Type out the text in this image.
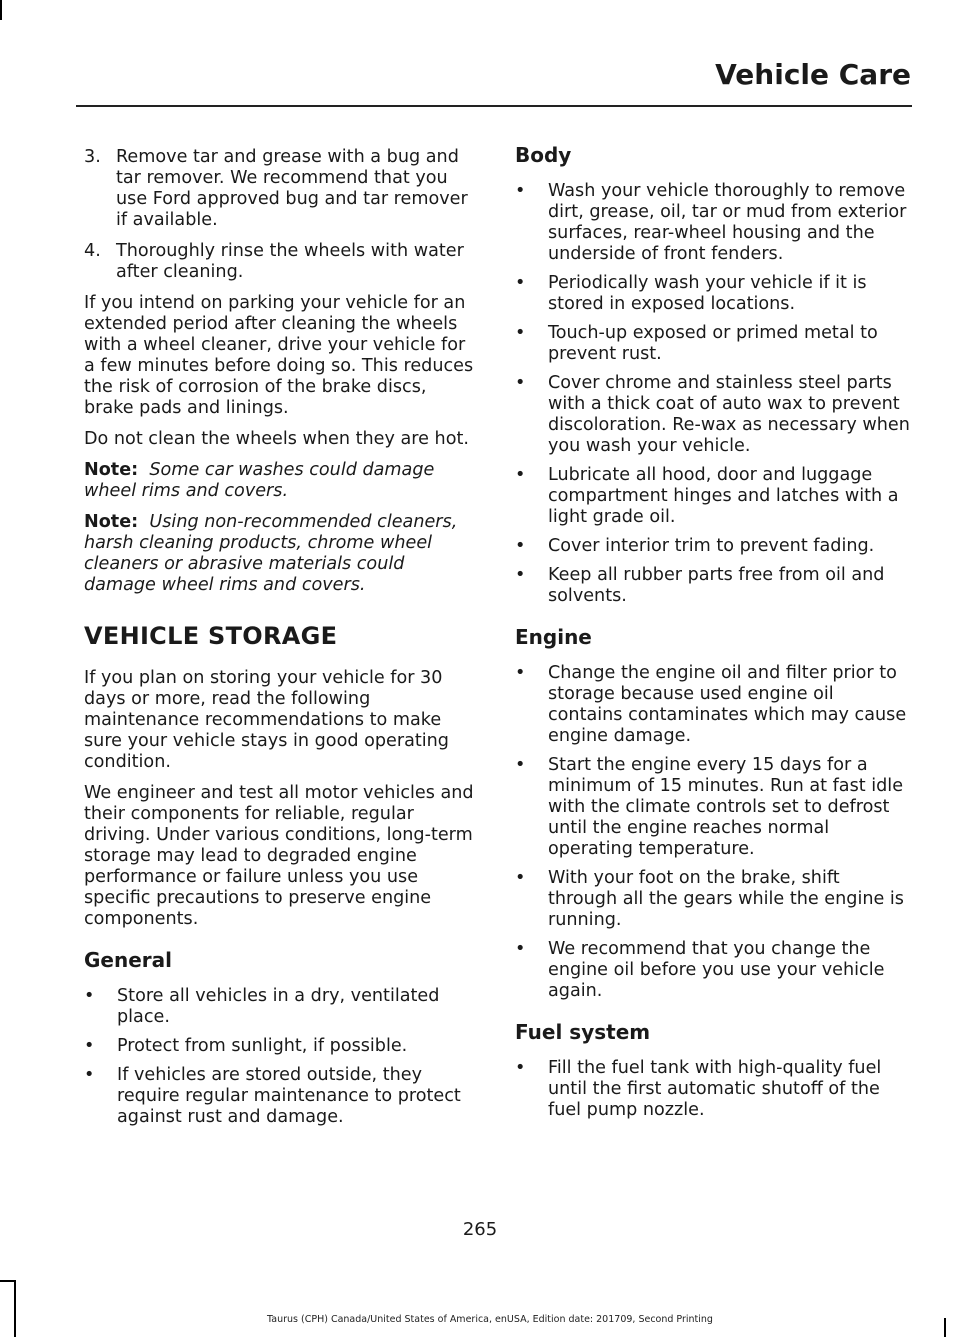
Vehicle Care
3. Remove tar and grease with a bug and tar remover. We recommend that you use Ford approved bug and tar remover if available.
4. Thoroughly rinse the wheels with water after cleaning.

If you intend on parking your vehicle for an extended period after cleaning the wheels with a wheel cleaner, drive your vehicle for a few minutes before doing so. This reduces the risk of corrosion of the brake discs, brake pads and linings.

Do not clean the wheels when they are hot.

Note: Some car washes could damage wheel rims and covers.

Note: Using non-recommended cleaners, harsh cleaning products, chrome wheel cleaners or abrasive materials could damage wheel rims and covers.

VEHICLE STORAGE

If you plan on storing your vehicle for 30 days or more, read the following maintenance recommendations to make sure your vehicle stays in good operating condition.

We engineer and test all motor vehicles and their components for reliable, regular driving. Under various conditions, long-term storage may lead to degraded engine performance or failure unless you use specific precautions to preserve engine components.

General
• Store all vehicles in a dry, ventilated place.
• Protect from sunlight, if possible.
• If vehicles are stored outside, they require regular maintenance to protect against rust and damage.
Body
• Wash your vehicle thoroughly to remove dirt, grease, oil, tar or mud from exterior surfaces, rear-wheel housing and the underside of front fenders.
• Periodically wash your vehicle if it is stored in exposed locations.
• Touch-up exposed or primed metal to prevent rust.
• Cover chrome and stainless steel parts with a thick coat of auto wax to prevent discoloration. Re-wax as necessary when you wash your vehicle.
• Lubricate all hood, door and luggage compartment hinges and latches with a light grade oil.
• Cover interior trim to prevent fading.
• Keep all rubber parts free from oil and solvents.
Engine
• Change the engine oil and filter prior to storage because used engine oil contains contaminates which may cause engine damage.
• Start the engine every 15 days for a minimum of 15 minutes. Run at fast idle with the climate controls set to defrost until the engine reaches normal operating temperature.
• With your foot on the brake, shift through all the gears while the engine is running.
• We recommend that you change the engine oil before you use your vehicle again.
Fuel system
• Fill the fuel tank with high-quality fuel until the first automatic shutoff of the fuel pump nozzle.
265
Taurus (CPH) Canada/United States of America, enUSA, Edition date: 201709, Second Printing
